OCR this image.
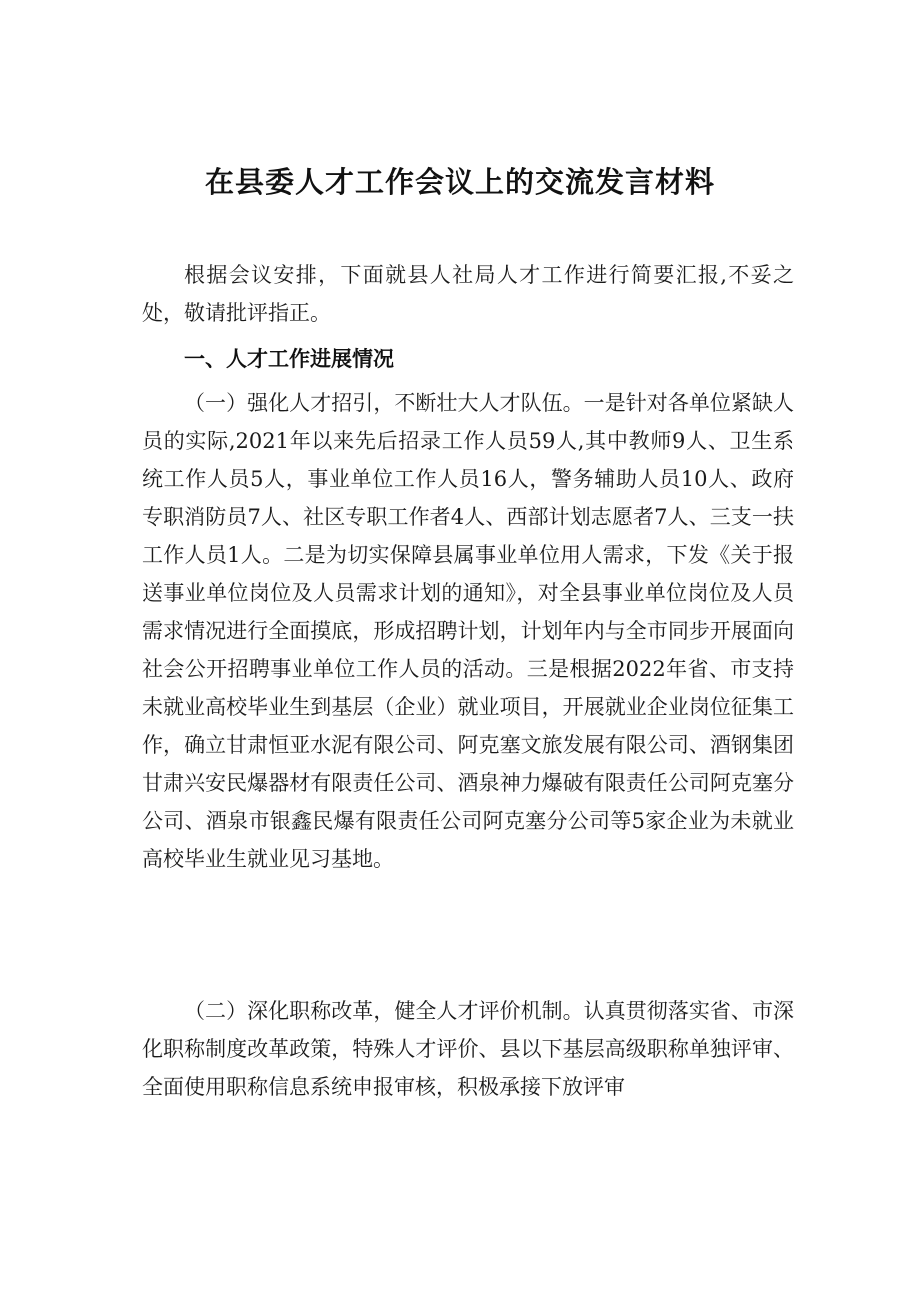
在县委人才工作会议上的交流发言材料

根据会议安排，下面就县人社局人才工作进行简要汇报,不妥之处，敬请批评指正。

一、人才工作进展情况

（一）强化人才招引，不断壮大人才队伍。一是针对各单位紧缺人员的实际,2021年以来先后招录工作人员59人,其中教师9人、卫生系统工作人员5人，事业单位工作人员16人，警务辅助人员10人、政府专职消防员7人、社区专职工作者4人、西部计划志愿者7人、三支一扶工作人员1人。二是为切实保障县属事业单位用人需求，下发《关于报送事业单位岗位及人员需求计划的通知》，对全县事业单位岗位及人员需求情况进行全面摸底，形成招聘计划，计划年内与全市同步开展面向社会公开招聘事业单位工作人员的活动。三是根据2022年省、市支持未就业高校毕业生到基层（企业）就业项目，开展就业企业岗位征集工作，确立甘肃恒亚水泥有限公司、阿克塞文旅发展有限公司、酒钢集团甘肃兴安民爆器材有限责任公司、酒泉神力爆破有限责任公司阿克塞分公司、酒泉市银鑫民爆有限责任公司阿克塞分公司等5家企业为未就业高校毕业生就业见习基地。

（二）深化职称改革，健全人才评价机制。认真贯彻落实省、市深化职称制度改革政策，特殊人才评价、县以下基层高级职称单独评审、全面使用职称信息系统申报审核，积极承接下放评审
